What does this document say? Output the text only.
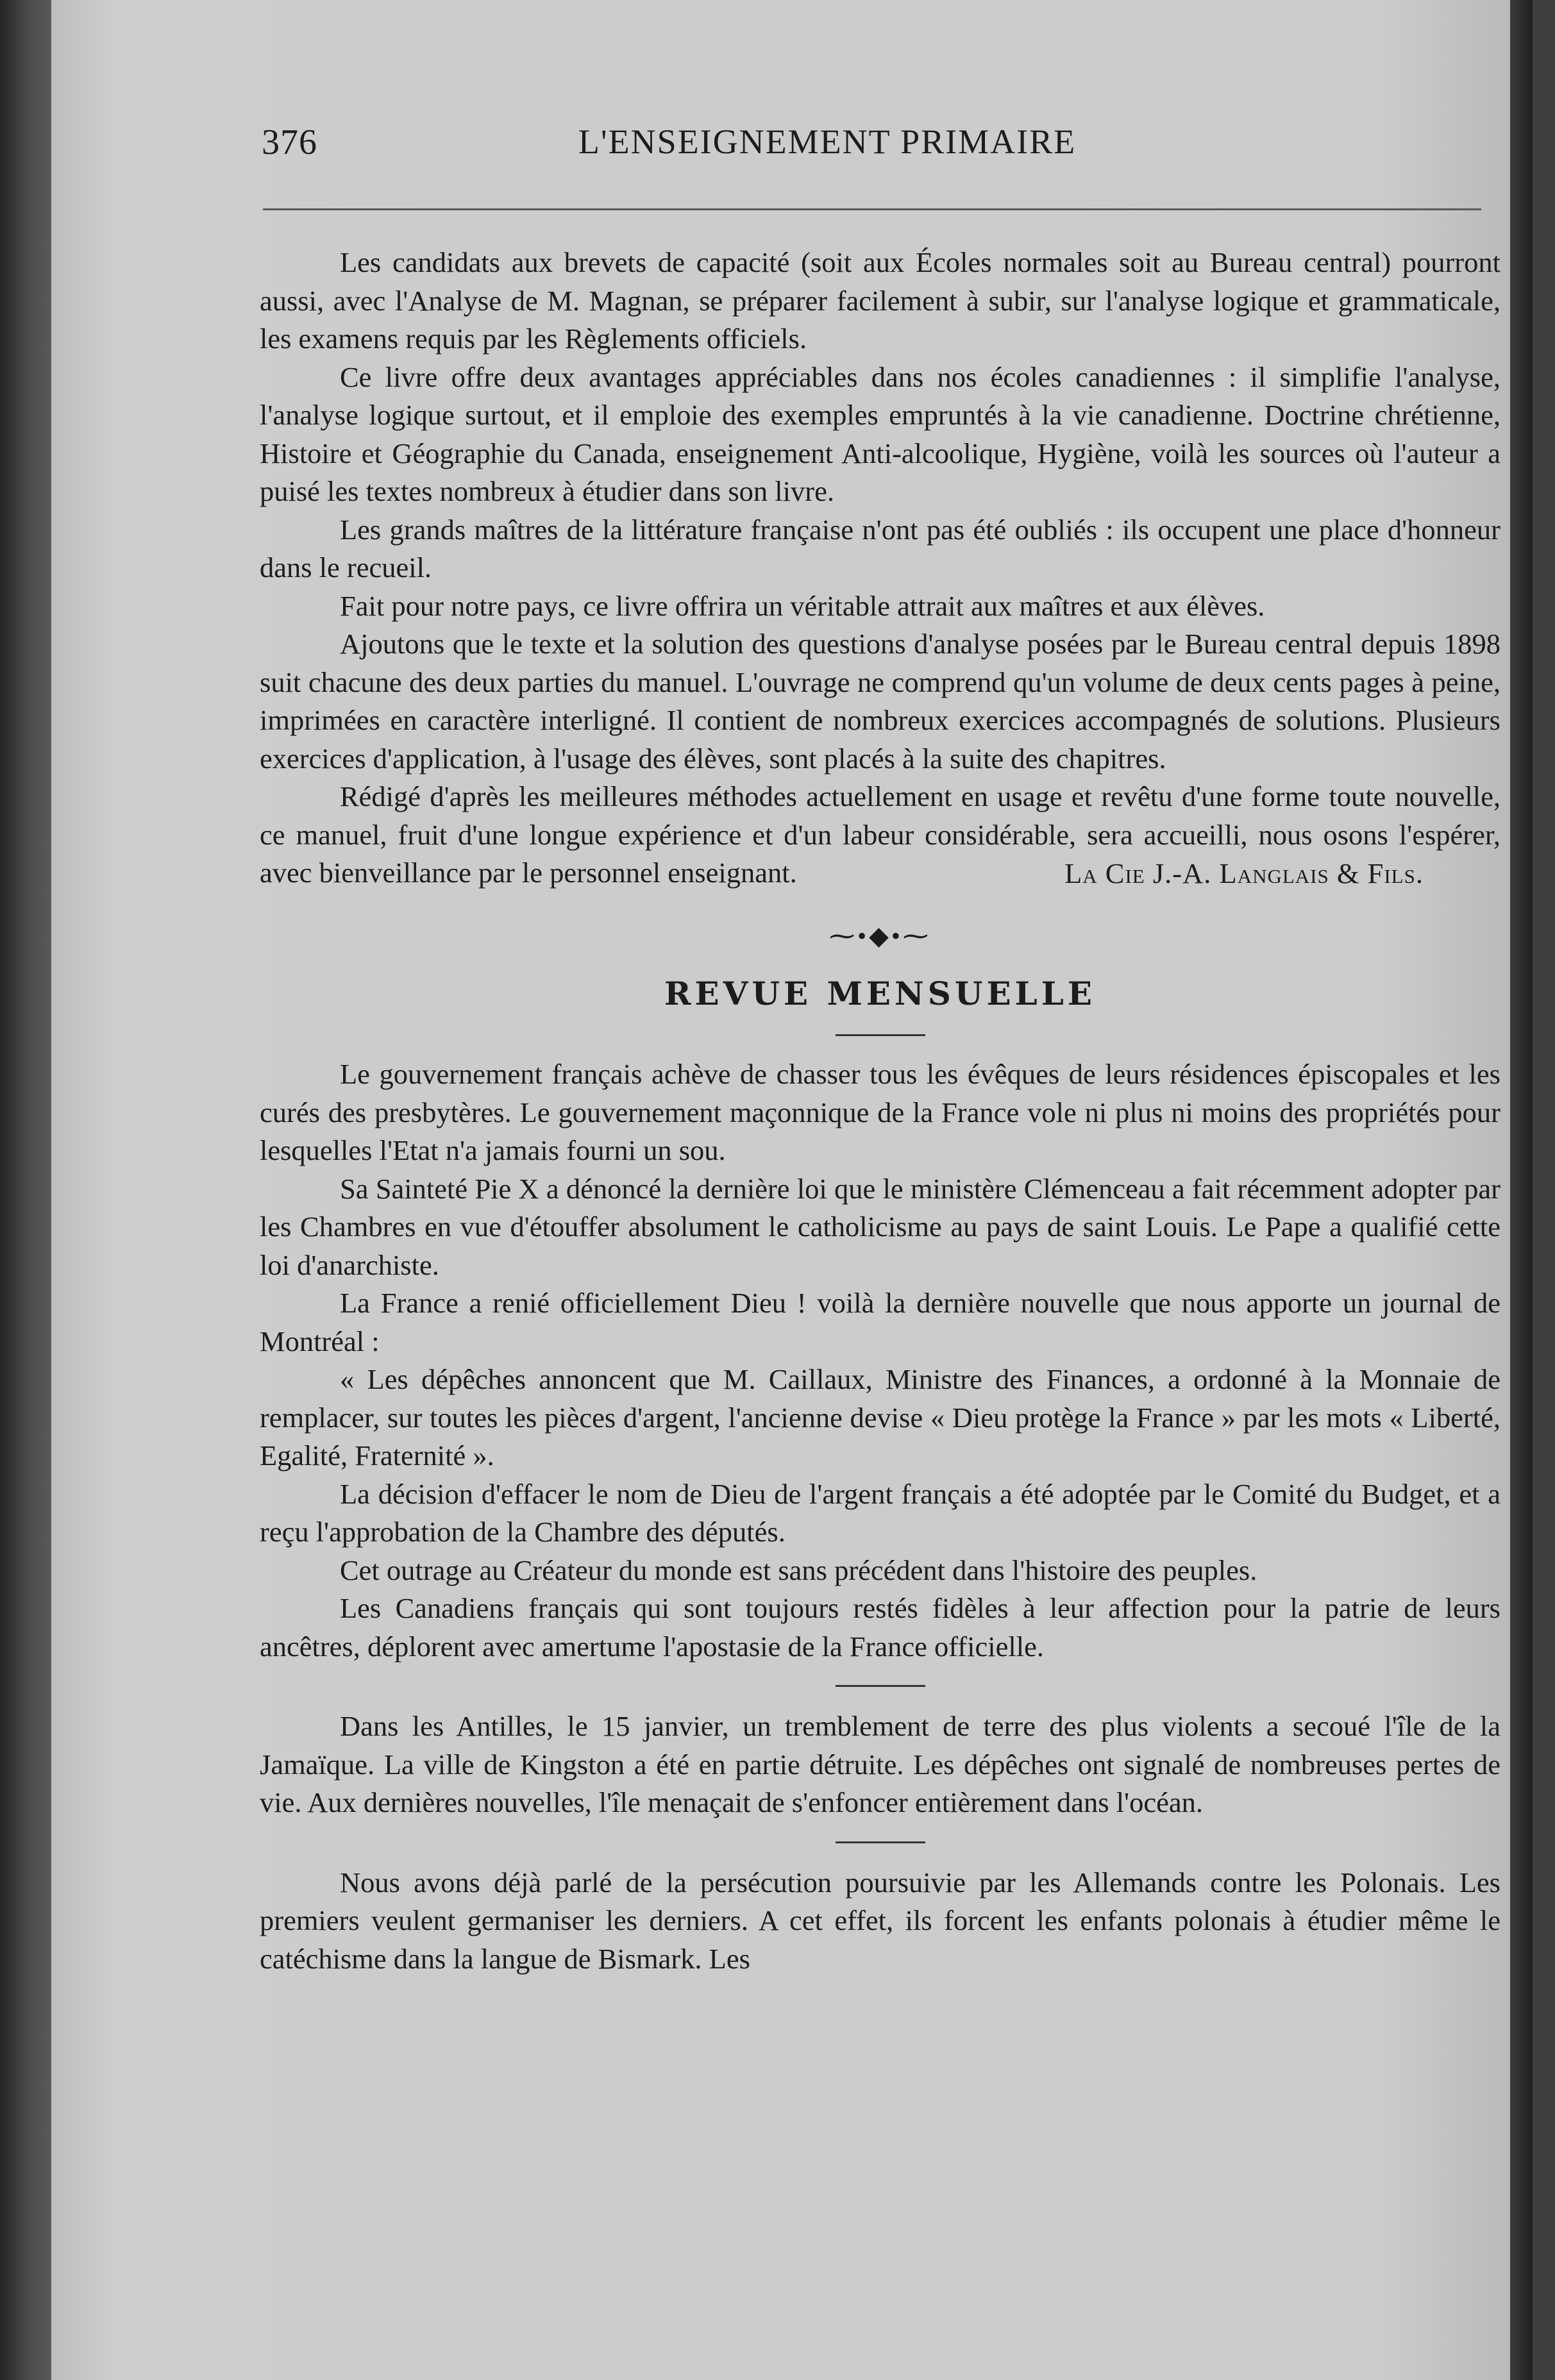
376	L'ENSEIGNEMENT PRIMAIRE

Les candidats aux brevets de capacité (soit aux Écoles normales soit au Bureau central) pourront aussi, avec l'Analyse de M. Magnan, se préparer facilement à subir, sur l'analyse logique et grammaticale, les examens requis par les Règlements officiels.

Ce livre offre deux avantages appréciables dans nos écoles canadiennes : il simplifie l'analyse, l'analyse logique surtout, et il emploie des exemples empruntés à la vie canadienne. Doctrine chrétienne, Histoire et Géographie du Canada, enseignement Anti-alcoolique, Hygiène, voilà les sources où l'auteur a puisé les textes nombreux à étudier dans son livre.

Les grands maîtres de la littérature française n'ont pas été oubliés : ils occupent une place d'honneur dans le recueil.

Fait pour notre pays, ce livre offrira un véritable attrait aux maîtres et aux élèves.

Ajoutons que le texte et la solution des questions d'analyse posées par le Bureau central depuis 1898 suit chacune des deux parties du manuel. L'ouvrage ne comprend qu'un volume de deux cents pages à peine, imprimées en caractère interligné. Il contient de nombreux exercices accompagnés de solutions. Plusieurs exercices d'application, à l'usage des élèves, sont placés à la suite des chapitres.

Rédigé d'après les meilleures méthodes actuellement en usage et revêtu d'une forme toute nouvelle, ce manuel, fruit d'une longue expérience et d'un labeur considérable, sera accueilli, nous osons l'espérer, avec bienveillance par le personnel enseignant.	La Cie J.-A. Langlais & Fils.
⁓•◆•⁓
REVUE MENSUELLE

Le gouvernement français achève de chasser tous les évêques de leurs résidences épiscopales et les curés des presbytères. Le gouvernement maçonnique de la France vole ni plus ni moins des propriétés pour lesquelles l'Etat n'a jamais fourni un sou.

Sa Sainteté Pie X a dénoncé la dernière loi que le ministère Clémenceau a fait récemment adopter par les Chambres en vue d'étouffer absolument le catholicisme au pays de saint Louis. Le Pape a qualifié cette loi d'anarchiste.

La France a renié officiellement Dieu ! voilà la dernière nouvelle que nous apporte un journal de Montréal :

« Les dépêches annoncent que M. Caillaux, Ministre des Finances, a ordonné à la Monnaie de remplacer, sur toutes les pièces d'argent, l'ancienne devise « Dieu protège la France » par les mots « Liberté, Egalité, Fraternité ».

La décision d'effacer le nom de Dieu de l'argent français a été adoptée par le Comité du Budget, et a reçu l'approbation de la Chambre des députés.

Cet outrage au Créateur du monde est sans précédent dans l'histoire des peuples.

Les Canadiens français qui sont toujours restés fidèles à leur affection pour la patrie de leurs ancêtres, déplorent avec amertume l'apostasie de la France officielle.

Dans les Antilles, le 15 janvier, un tremblement de terre des plus violents a secoué l'île de la Jamaïque. La ville de Kingston a été en partie détruite. Les dépêches ont signalé de nombreuses pertes de vie. Aux dernières nouvelles, l'île menaçait de s'enfoncer entièrement dans l'océan.

Nous avons déjà parlé de la persécution poursuivie par les Allemands contre les Polonais. Les premiers veulent germaniser les derniers. A cet effet, ils forcent les enfants polonais à étudier même le catéchisme dans la langue de Bismark. Les
